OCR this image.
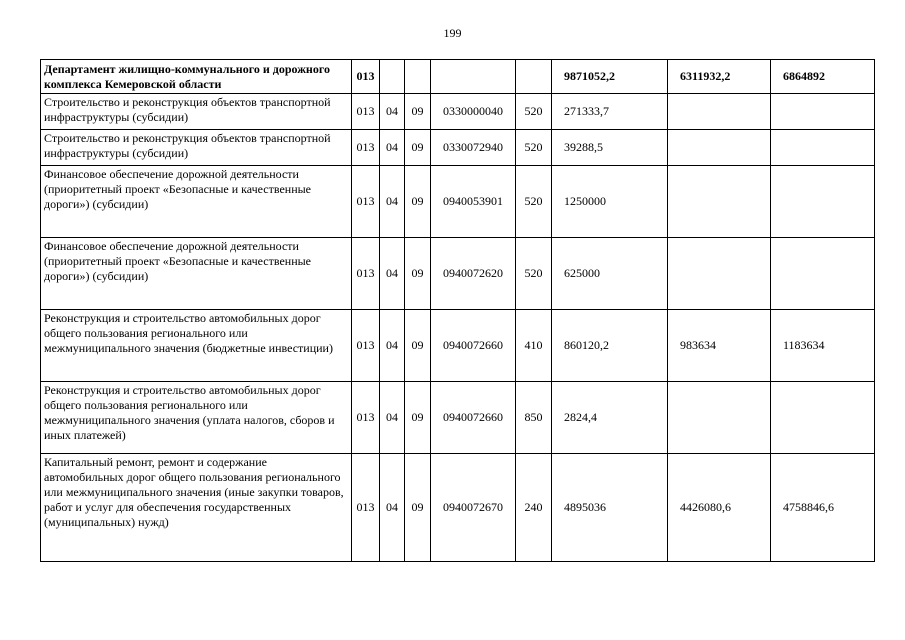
199
Департамент жилищно-коммунального и дорожного комплекса Кемеровской области	013					9871052,2	6311932,2	6864892
Строительство и реконструкция объектов транспортной инфраструктуры (субсидии)	013	04	09	0330000040	520	271333,7		
Строительство и реконструкция объектов транспортной инфраструктуры (субсидии)	013	04	09	0330072940	520	39288,5		
Финансовое обеспечение дорожной деятельности (приоритетный проект «Безопасные и качественные дороги») (субсидии)	013	04	09	0940053901	520	1250000		
Финансовое обеспечение дорожной деятельности (приоритетный проект «Безопасные и качественные дороги») (субсидии)	013	04	09	0940072620	520	625000		
Реконструкция и строительство автомобильных дорог общего пользования регионального или межмуниципального значения (бюджетные инвестиции)	013	04	09	0940072660	410	860120,2	983634	1183634
Реконструкция и строительство автомобильных дорог общего пользования регионального или межмуниципального значения (уплата налогов, сборов и иных платежей)	013	04	09	0940072660	850	2824,4		
Капитальный ремонт, ремонт и содержание автомобильных дорог общего пользования регионального или межмуниципального значения (иные закупки товаров, работ и услуг для обеспечения государственных (муниципальных) нужд)	013	04	09	0940072670	240	4895036	4426080,6	4758846,6
